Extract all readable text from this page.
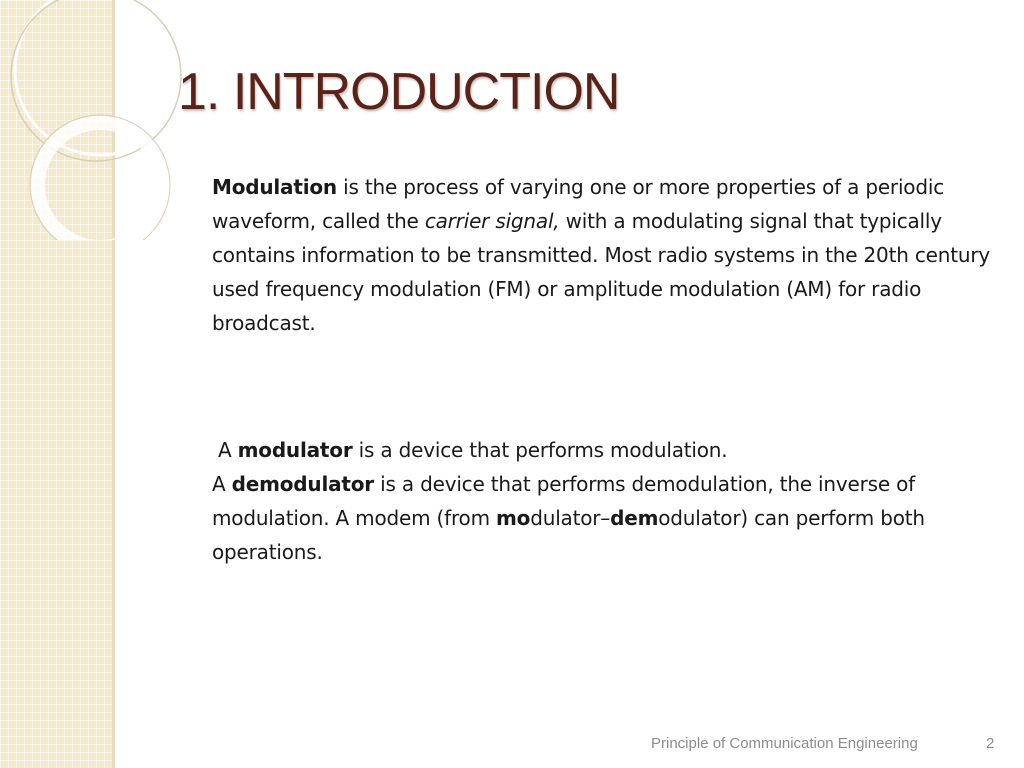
1. INTRODUCTION

Modulation is the process of varying one or more properties of a periodic waveform, called the carrier signal, with a modulating signal that typically contains information to be transmitted. Most radio systems in the 20th century used frequency modulation (FM) or amplitude modulation (AM) for radio broadcast.

A modulator is a device that performs modulation.
A demodulator is a device that performs demodulation, the inverse of modulation. A modem (from modulator–demodulator) can perform both operations.
Principle of Communication Engineering	2
